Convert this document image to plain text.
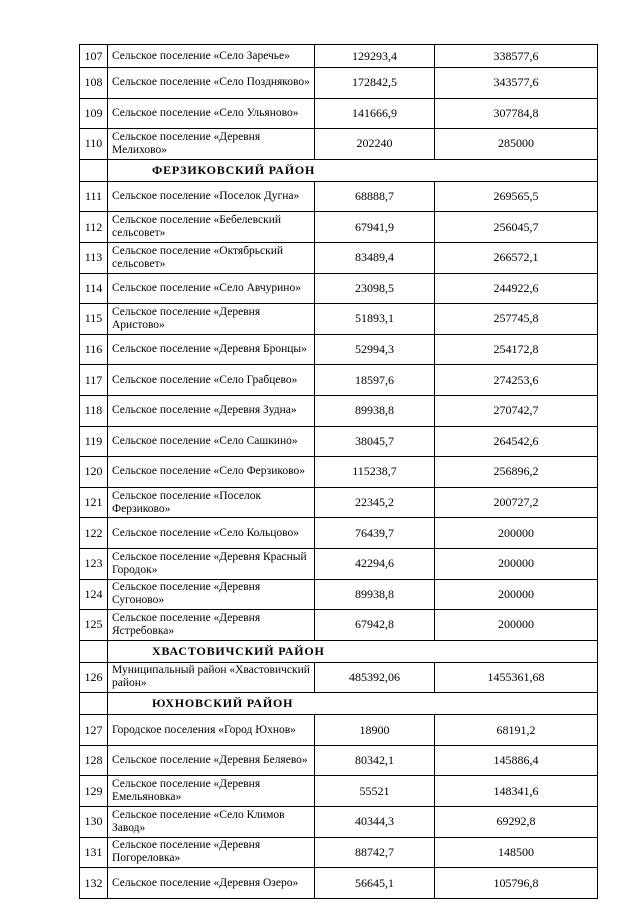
107	Сельское поселение «Село Заречье»	129293,4	338577,6
108	Сельское поселение «Село Поздняково»	172842,5	343577,6
109	Сельское поселение «Село Ульяново»	141666,9	307784,8
110	Сельское поселение «Деревня Мелихово»	202240	285000
	ФЕРЗИКОВСКИЙ РАЙОН		
111	Сельское поселение «Поселок Дугна»	68888,7	269565,5
112	Сельское поселение «Бебелевский сельсовет»	67941,9	256045,7
113	Сельское поселение «Октябрьский сельсовет»	83489,4	266572,1
114	Сельское поселение «Село Авчурино»	23098,5	244922,6
115	Сельское поселение «Деревня Аристово»	51893,1	257745,8
116	Сельское поселение «Деревня Бронцы»	52994,3	254172,8
117	Сельское поселение «Село Грабцево»	18597,6	274253,6
118	Сельское поселение «Деревня Зудна»	89938,8	270742,7
119	Сельское поселение «Село Сашкино»	38045,7	264542,6
120	Сельское поселение «Село Ферзиково»	115238,7	256896,2
121	Сельское поселение «Поселок Ферзиково»	22345,2	200727,2
122	Сельское поселение «Село Кольцово»	76439,7	200000
123	Сельское поселение «Деревня Красный Городок»	42294,6	200000
124	Сельское поселение «Деревня Сугоново»	89938,8	200000
125	Сельское поселение «Деревня Ястребовка»	67942,8	200000
	ХВАСТОВИЧСКИЙ РАЙОН		
126	Муниципальный район «Хвастовичский район»	485392,06	1455361,68
	ЮХНОВСКИЙ РАЙОН		
127	Городское поселения «Город Юхнов»	18900	68191,2
128	Сельское поселение «Деревня Беляево»	80342,1	145886,4
129	Сельское поселение «Деревня Емельяновка»	55521	148341,6
130	Сельское поселение «Село Климов Завод»	40344,3	69292,8
131	Сельское поселение «Деревня Погореловка»	88742,7	148500
132	Сельское поселение «Деревня Озеро»	56645,1	105796,8
